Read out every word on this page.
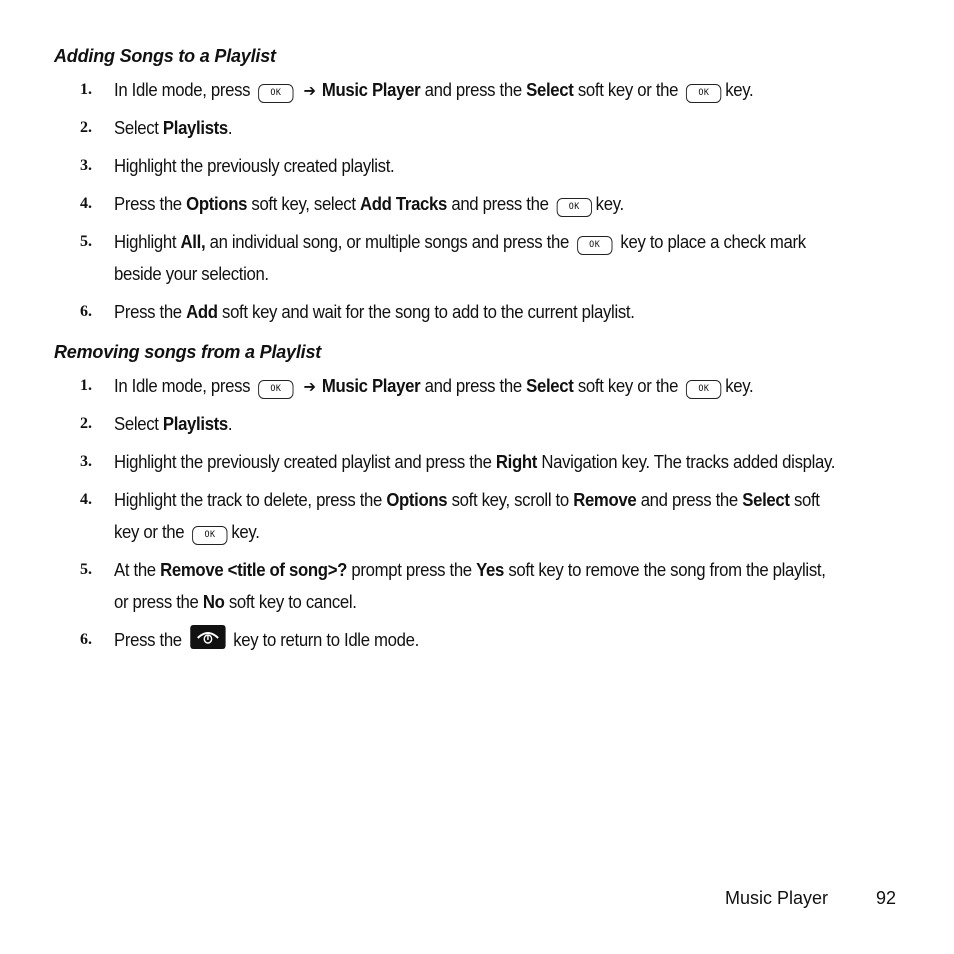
Adding Songs to a Playlist
1. In Idle mode, press OK ➔ Music Player and press the Select soft key or the OK key.
2. Select Playlists.
3. Highlight the previously created playlist.
4. Press the Options soft key, select Add Tracks and press the OK key.
5. Highlight All, an individual song, or multiple songs and press the OK key to place a check mark beside your selection.
6. Press the Add soft key and wait for the song to add to the current playlist.
Removing songs from a Playlist
1. In Idle mode, press OK ➔ Music Player and press the Select soft key or the OK key.
2. Select Playlists.
3. Highlight the previously created playlist and press the Right Navigation key. The tracks added display.
4. Highlight the track to delete, press the Options soft key, scroll to Remove and press the Select soft key or the OK key.
5. At the Remove <title of song>? prompt press the Yes soft key to remove the song from the playlist, or press the No soft key to cancel.
6. Press the	key to return to Idle mode.
Music Player	92
